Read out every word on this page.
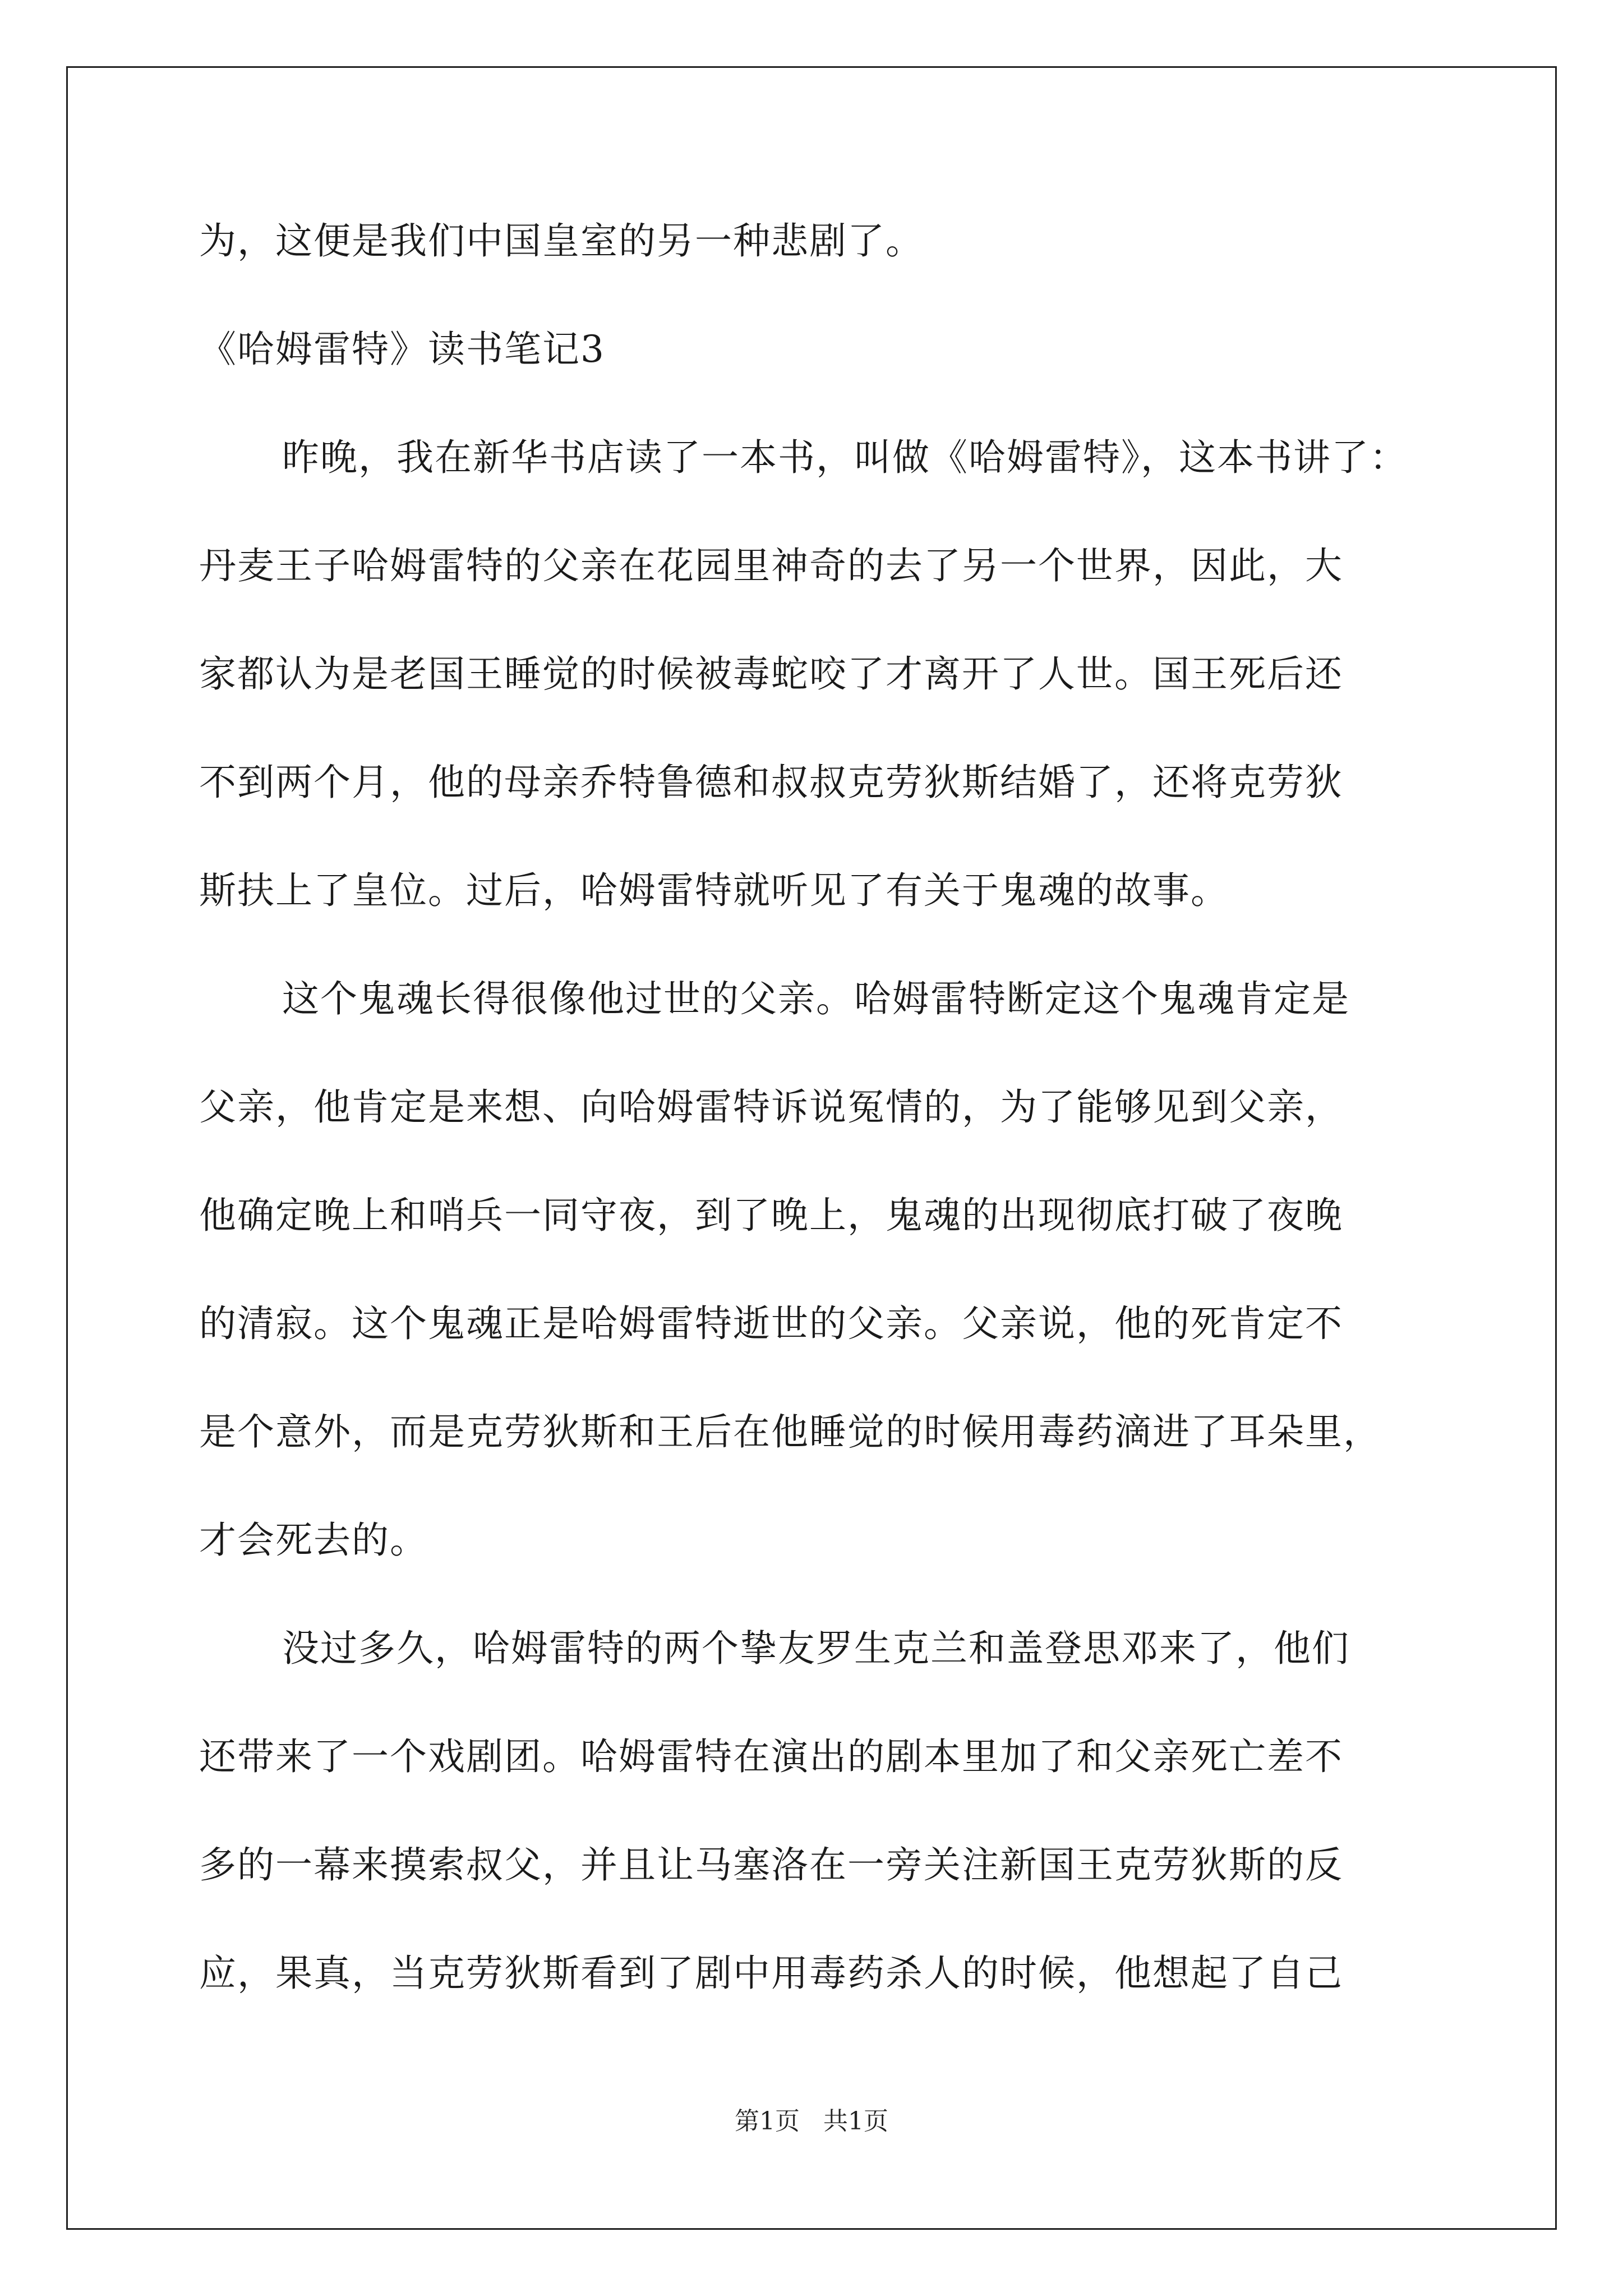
为，这便是我们中国皇室的另一种悲剧了。

《哈姆雷特》读书笔记3

昨晚，我在新华书店读了一本书，叫做《哈姆雷特》，这本书讲了：

丹麦王子哈姆雷特的父亲在花园里神奇的去了另一个世界，因此，大

家都认为是老国王睡觉的时候被毒蛇咬了才离开了人世。国王死后还

不到两个月，他的母亲乔特鲁德和叔叔克劳狄斯结婚了，还将克劳狄

斯扶上了皇位。过后，哈姆雷特就听见了有关于鬼魂的故事。

这个鬼魂长得很像他过世的父亲。哈姆雷特断定这个鬼魂肯定是

父亲，他肯定是来想、向哈姆雷特诉说冤情的，为了能够见到父亲，

他确定晚上和哨兵一同守夜，到了晚上，鬼魂的出现彻底打破了夜晚

的清寂。这个鬼魂正是哈姆雷特逝世的父亲。父亲说，他的死肯定不

是个意外，而是克劳狄斯和王后在他睡觉的时候用毒药滴进了耳朵里，

才会死去的。

没过多久，哈姆雷特的两个挚友罗生克兰和盖登思邓来了，他们

还带来了一个戏剧团。哈姆雷特在演出的剧本里加了和父亲死亡差不

多的一幕来摸索叔父，并且让马塞洛在一旁关注新国王克劳狄斯的反

应，果真，当克劳狄斯看到了剧中用毒药杀人的时候，他想起了自己

第1页 共1页
